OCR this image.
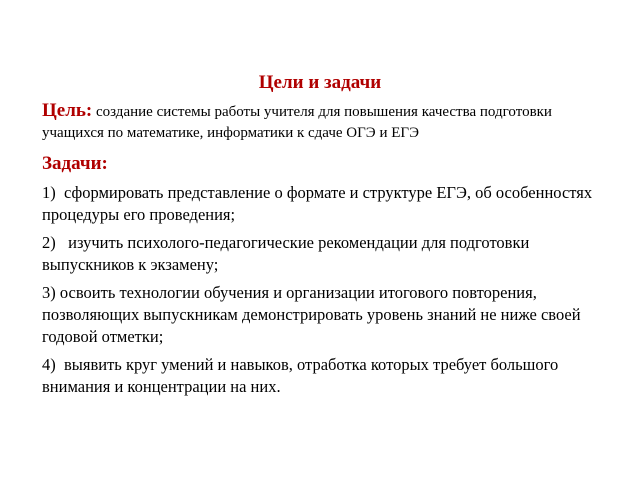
Цели и задачи

Цель: создание системы работы учителя для повышения качества подготовки учащихся по математике, информатики к сдаче ОГЭ и ЕГЭ

Задачи:

1)  сформировать представление о формате и структуре ЕГЭ, об особенностях процедуры его проведения;

2)   изучить психолого-педагогические рекомендации для подготовки выпускников к экзамену;

3) освоить технологии обучения и организации итогового повторения, позволяющих выпускникам демонстрировать уровень знаний не ниже своей годовой отметки;

4)  выявить круг умений и навыков, отработка которых требует большого внимания и концентрации на них.
